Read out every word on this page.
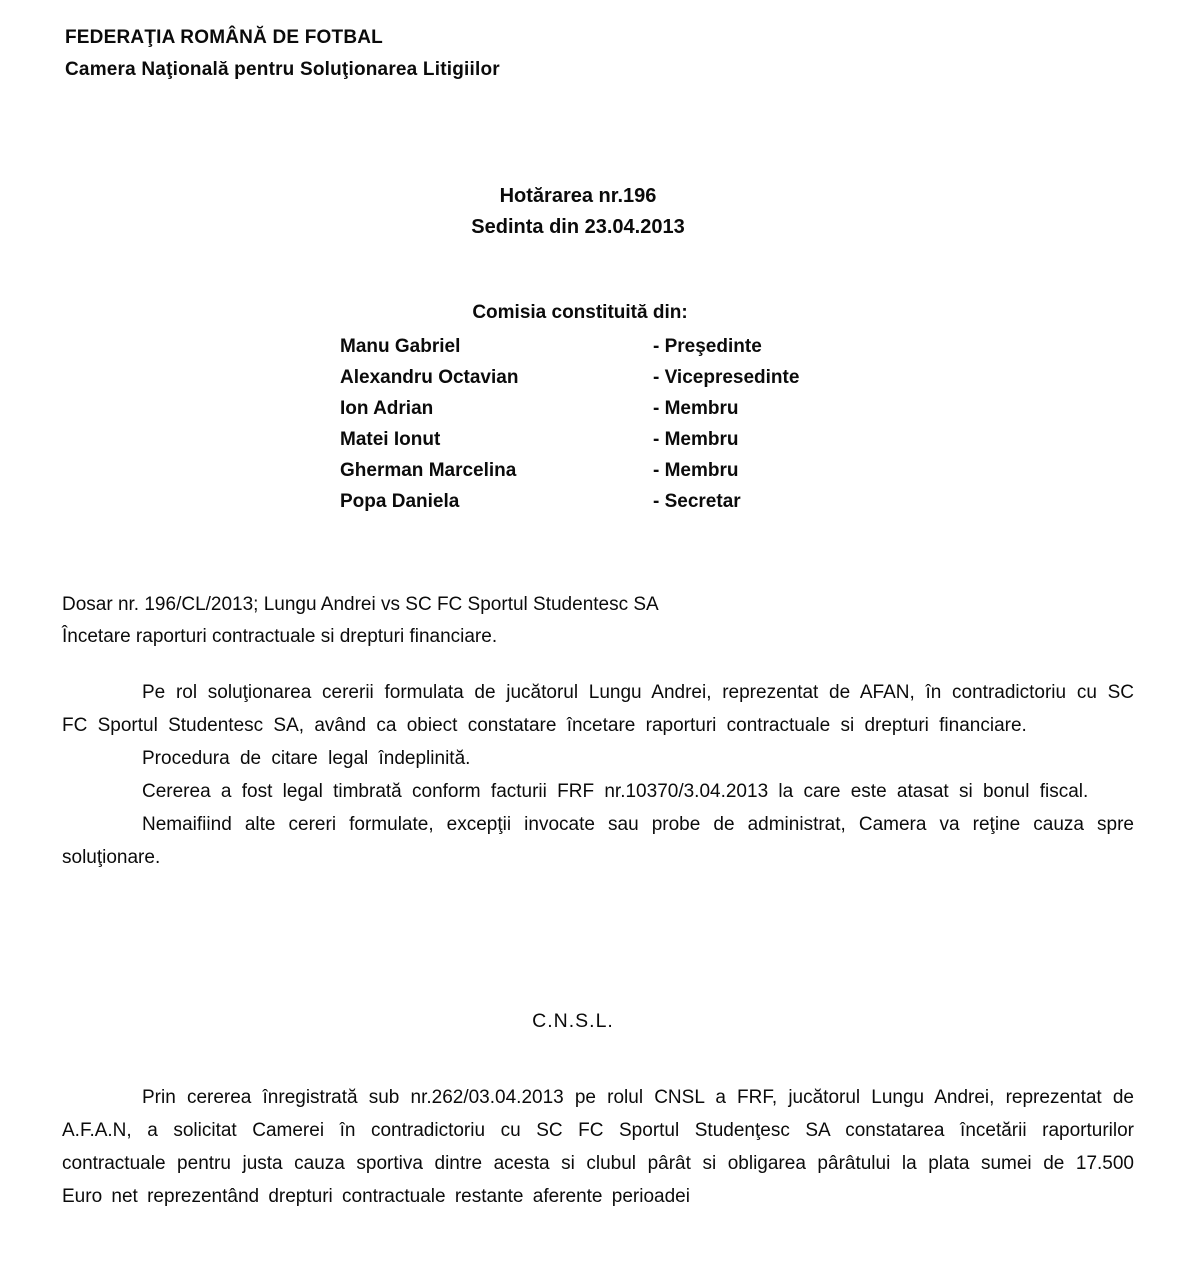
FEDERAŢIA ROMÂNĂ DE FOTBAL
Camera Naţională pentru Soluţionarea Litigiilor
Hotărarea nr.196
Sedinta din 23.04.2013
Comisia constituită din:
Manu Gabriel	- Preşedinte
Alexandru Octavian	- Vicepresedinte
Ion Adrian	- Membru
Matei Ionut	- Membru
Gherman Marcelina	- Membru
Popa Daniela	- Secretar
Dosar nr. 196/CL/2013; Lungu Andrei vs SC FC Sportul Studentesc SA
Încetare raporturi contractuale si drepturi financiare.

Pe rol soluţionarea cererii formulata de jucătorul Lungu Andrei, reprezentat de AFAN, în contradictoriu cu SC FC Sportul Studentesc SA, având ca obiect constatare încetare raporturi contractuale si drepturi financiare.

Procedura de citare legal îndeplinită.

Cererea a fost legal timbrată conform facturii FRF nr.10370/3.04.2013 la care este atasat si bonul fiscal.

Nemaifiind alte cereri formulate, excepţii invocate sau probe de administrat, Camera va reţine cauza spre soluţionare.

C.N.S.L.

Prin cererea înregistrată sub nr.262/03.04.2013 pe rolul CNSL a FRF, jucătorul Lungu Andrei, reprezentat de A.F.A.N, a solicitat Camerei în contradictoriu cu SC FC Sportul Studenţesc SA constatarea încetării raporturilor contractuale pentru justa cauza sportiva dintre acesta si clubul pârât si obligarea pârâtului la plata sumei de 17.500 Euro net reprezentând drepturi contractuale restante aferente perioadei
